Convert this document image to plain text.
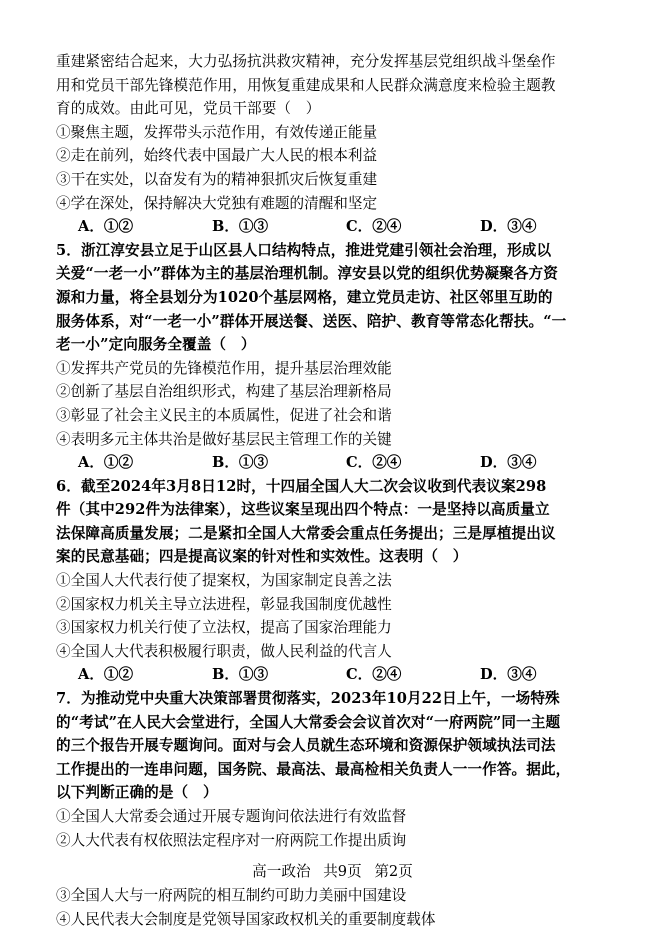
重建紧密结合起来，大力弘扬抗洪救灾精神，充分发挥基层党组织战斗堡垒作

用和党员干部先锋模范作用，用恢复重建成果和人民群众满意度来检验主题教

育的成效。由此可见，党员干部要（　）

①聚焦主题，发挥带头示范作用，有效传递正能量

②走在前列，始终代表中国最广大人民的根本利益

③干在实处，以奋发有为的精神狠抓灾后恢复重建

④学在深处，保持解决大党独有难题的清醒和坚定

A．①②	B．①③	C．②④	D．③④

5．浙江淳安县立足于山区县人口结构特点，推进党建引领社会治理，形成以

关爱“一老一小”群体为主的基层治理机制。淳安县以党的组织优势凝聚各方资

源和力量，将全县划分为1020个基层网格，建立党员走访、社区邻里互助的

服务体系，对“一老一小”群体开展送餐、送医、陪护、教育等常态化帮扶。“一

老一小”定向服务全覆盖（　）

①发挥共产党员的先锋模范作用，提升基层治理效能

②创新了基层自治组织形式，构建了基层治理新格局

③彰显了社会主义民主的本质属性，促进了社会和谐

④表明多元主体共治是做好基层民主管理工作的关键

A．①②	B．①③	C．②④	D．③④

6．截至2024年3月8日12时，十四届全国人大二次会议收到代表议案298

件（其中292件为法律案），这些议案呈现出四个特点：一是坚持以高质量立

法保障高质量发展；二是紧扣全国人大常委会重点任务提出；三是厚植提出议

案的民意基础；四是提高议案的针对性和实效性。这表明（　）

①全国人大代表行使了提案权，为国家制定良善之法

②国家权力机关主导立法进程，彰显我国制度优越性

③国家权力机关行使了立法权，提高了国家治理能力

④全国人大代表积极履行职责，做人民利益的代言人

A．①②	B．①③	C．②④	D．③④

7．为推动党中央重大决策部署贯彻落实，2023年10月22日上午，一场特殊

的“考试”在人民大会堂进行，全国人大常委会会议首次对“一府两院”同一主题

的三个报告开展专题询问。面对与会人员就生态环境和资源保护领域执法司法

工作提出的一连串问题，国务院、最高法、最高检相关负责人一一作答。据此，

以下判断正确的是（　）

①全国人大常委会通过开展专题询问依法进行有效监督

②人大代表有权依照法定程序对一府两院工作提出质询

高一政治 共9页 第2页

③全国人大与一府两院的相互制约可助力美丽中国建设

④人民代表大会制度是党领导国家政权机关的重要制度载体
